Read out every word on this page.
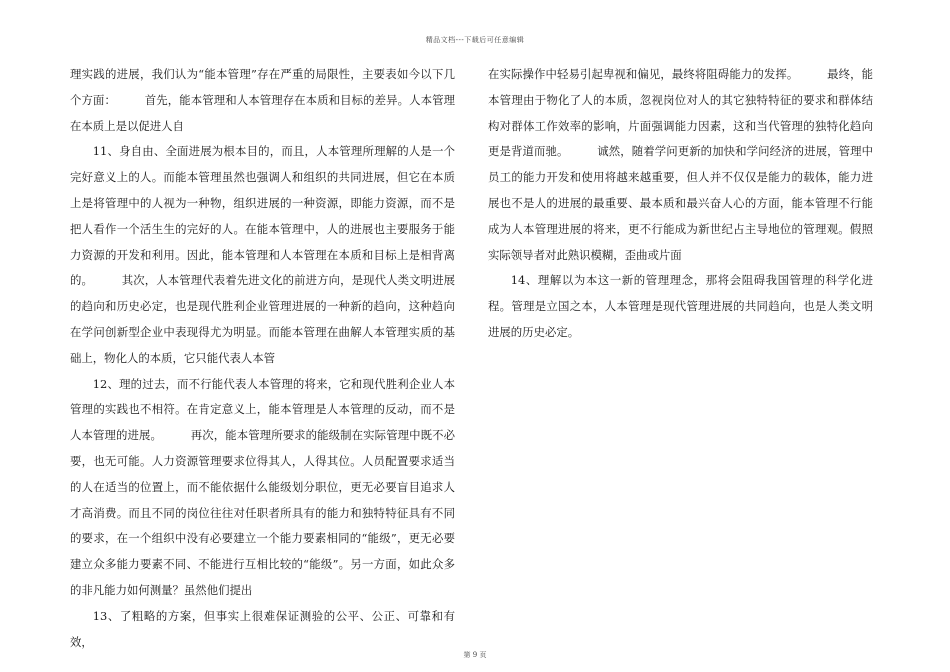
精品文档---下载后可任意编辑

理实践的进展，我们认为“能本管理”存在严重的局限性，主要表如今以下几个方面：　　　首先，能本管理和人本管理存在本质和目标的差异。人本管理在本质上是以促进人自

11、身自由、全面进展为根本目的，而且，人本管理所理解的人是一个完好意义上的人。而能本管理虽然也强调人和组织的共同进展，但它在本质上是将管理中的人视为一种物，组织进展的一种资源，即能力资源，而不是把人看作一个活生生的完好的人。在能本管理中，人的进展也主要服务于能力资源的开发和利用。因此，能本管理和人本管理在本质和目标上是相背离的。　　　其次，人本管理代表着先进文化的前进方向，是现代人类文明进展的趋向和历史必定，也是现代胜利企业管理进展的一种新的趋向，这种趋向在学问创新型企业中表现得尤为明显。而能本管理在曲解人本管理实质的基础上，物化人的本质，它只能代表人本管

12、理的过去，而不行能代表人本管理的将来，它和现代胜利企业人本管理的实践也不相符。在肯定意义上，能本管理是人本管理的反动，而不是人本管理的进展。　　　再次，能本管理所要求的能级制在实际管理中既不必要，也无可能。人力资源管理要求位得其人，人得其位。人员配置要求适当的人在适当的位置上，而不能依据什么能级划分职位，更无必要盲目追求人才高消费。而且不同的岗位往往对任职者所具有的能力和独特特征具有不同的要求，在一个组织中没有必要建立一个能力要素相同的“能级”，更无必要建立众多能力要素不同、不能进行互相比较的“能级”。另一方面，如此众多的非凡能力如何测量？虽然他们提出

13、了粗略的方案，但事实上很难保证测验的公平、公正、可靠和有效，

在实际操作中轻易引起卑视和偏见，最终将阻碍能力的发挥。　　　最终，能本管理由于物化了人的本质，忽视岗位对人的其它独特特征的要求和群体结构对群体工作效率的影响，片面强调能力因素，这和当代管理的独特化趋向更是背道而驰。　　　诚然，随着学问更新的加快和学问经济的进展，管理中员工的能力开发和使用将越来越重要，但人并不仅仅是能力的载体，能力进展也不是人的进展的最重要、最本质和最兴奋人心的方面，能本管理不行能成为人本管理进展的将来，更不行能成为新世纪占主导地位的管理观。假照实际领导者对此熟识模糊，歪曲或片面

14、理解以为本这一新的管理理念，那将会阻碍我国管理的科学化进程。管理是立国之本，人本管理是现代管理进展的共同趋向，也是人类文明进展的历史必定。

第 9 页
